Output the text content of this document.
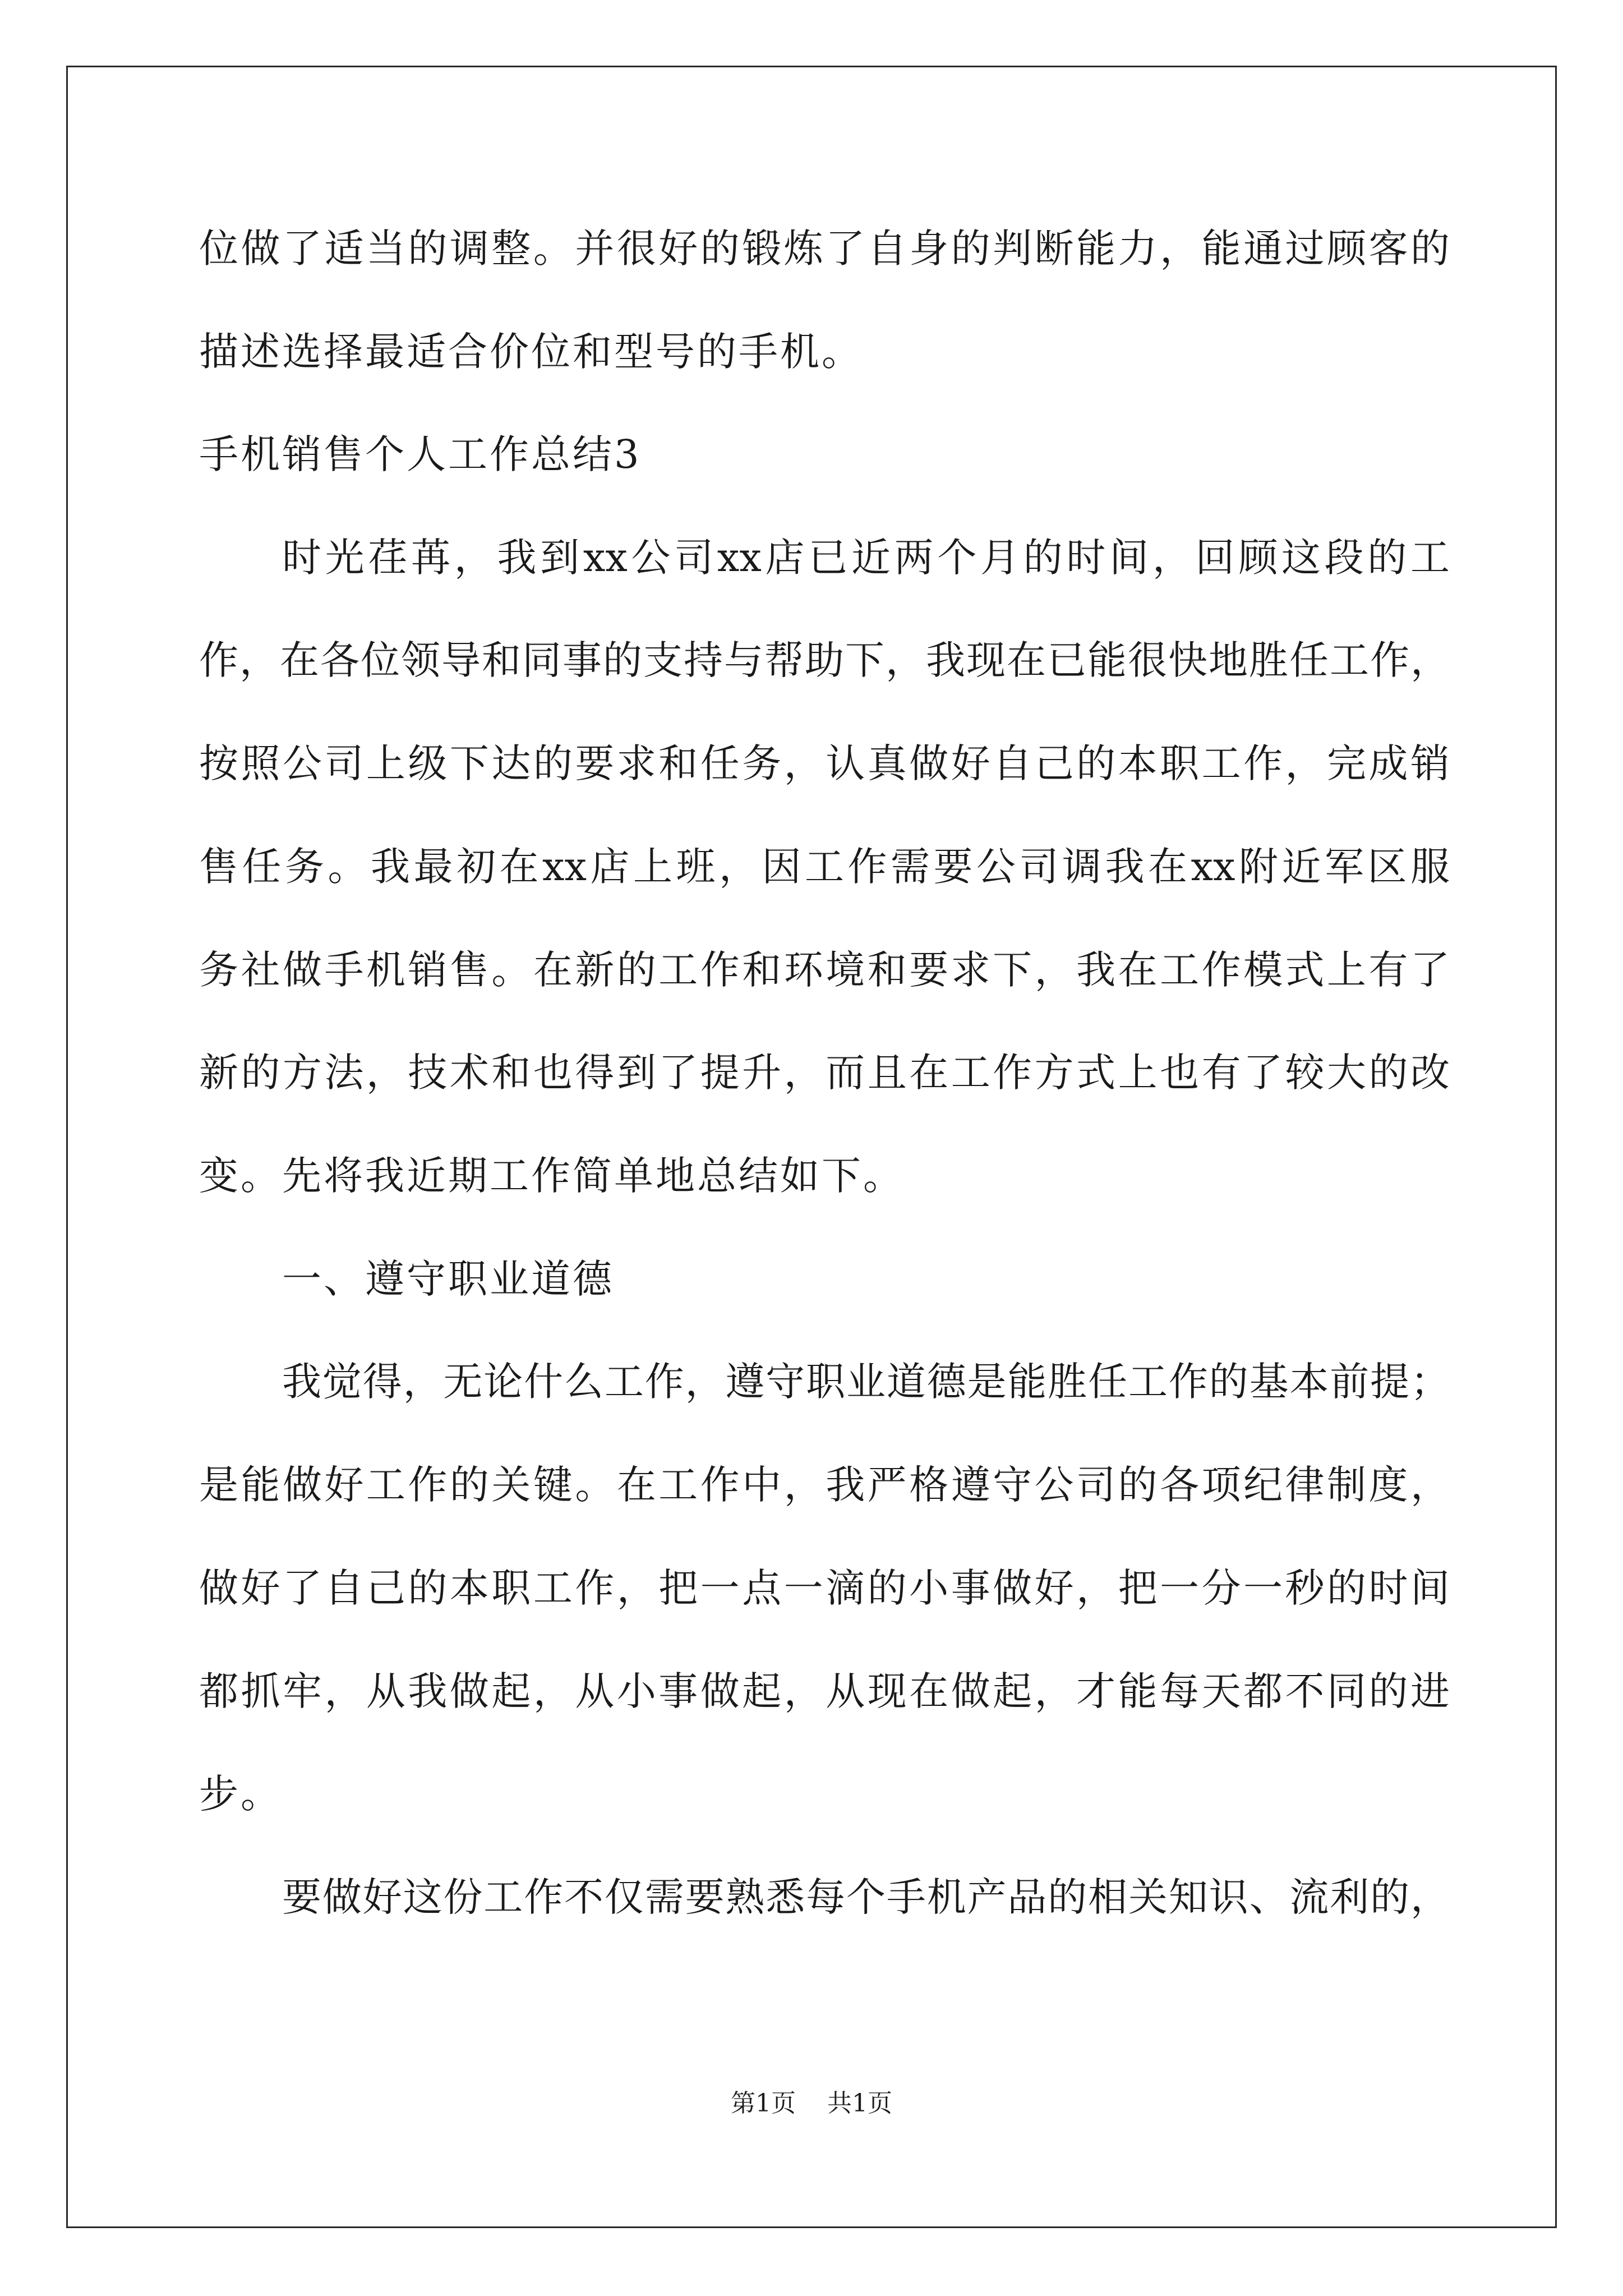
位做了适当的调整。并很好的锻炼了自身的判断能力，能通过顾客的
描述选择最适合价位和型号的手机。
手机销售个人工作总结3
时光荏苒，我到xx公司xx店已近两个月的时间，回顾这段的工
作，在各位领导和同事的支持与帮助下，我现在已能很快地胜任工作，
按照公司上级下达的要求和任务，认真做好自己的本职工作，完成销
售任务。我最初在xx店上班，因工作需要公司调我在xx附近军区服
务社做手机销售。在新的工作和环境和要求下，我在工作模式上有了
新的方法，技术和也得到了提升，而且在工作方式上也有了较大的改
变。先将我近期工作简单地总结如下。
一、遵守职业道德
我觉得，无论什么工作，遵守职业道德是能胜任工作的基本前提；
是能做好工作的关键。在工作中，我严格遵守公司的各项纪律制度，
做好了自己的本职工作，把一点一滴的小事做好，把一分一秒的时间
都抓牢，从我做起，从小事做起，从现在做起，才能每天都不同的进
步。
要做好这份工作不仅需要熟悉每个手机产品的相关知识、流利的，
第1页 共1页
